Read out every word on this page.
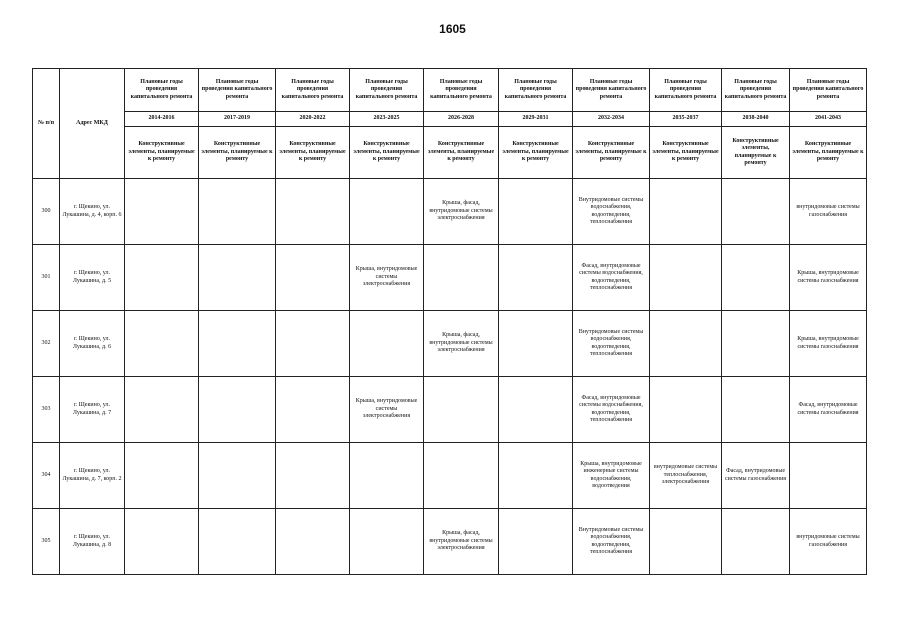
1605
№ п/п	Адрес МКД	Плановые годы проведения капитального ремонта	Плановые годы проведения капитального ремонта	Плановые годы проведения капитального ремонта	Плановые годы проведения капитального ремонта	Плановые годы проведения капитального ремонта	Плановые годы проведения капитального ремонта	Плановые годы проведения капитального ремонта	Плановые годы проведения капитального ремонта	Плановые годы проведения капитального ремонта	Плановые годы проведения капитального ремонта
		2014-2016	2017-2019	2020-2022	2023-2025	2026-2028	2029-2031	2032-2034	2035-2037	2038-2040	2041-2043
		Конструктивные элементы, планируемые к ремонту	Конструктивные элементы, планируемые к ремонту	Конструктивные элементы, планируемые к ремонту	Конструктивные элементы, планируемые к ремонту	Конструктивные элементы, планируемые к ремонту	Конструктивные элементы, планируемые к ремонту	Конструктивные элементы, планируемые к ремонту	Конструктивные элементы, планируемые к ремонту	Конструктивные элементы, планируемые к ремонту	Конструктивные элементы, планируемые к ремонту
300	г. Щекино, ул. Лукашина, д. 4, корп. 6					Крыша, фасад, внутридомовые системы электроснабжения		Внутридомовые системы водоснабжения, водоотведения, теплоснабжения			внутридомовые системы газоснабжения
301	г. Щекино, ул. Лукашина, д. 5				Крыша, внутридомовые системы электроснабжения			Фасад, внутридомовые системы водоснабжения, водоотведения, теплоснабжения			Крыша, внутридомовые системы газоснабжения
302	г. Щекино, ул. Лукашина, д. 6					Крыша, фасад, внутридомовые системы электроснабжения		Внутридомовые системы водоснабжения, водоотведения, теплоснабжения			Крыша, внутридомовые системы газоснабжения
303	г. Щекино, ул. Лукашина, д. 7				Крыша, внутридомовые системы электроснабжения			Фасад, внутридомовые системы водоснабжения, водоотведения, теплоснабжения			Фасад, внутридомовые системы газоснабжения
304	г. Щекино, ул. Лукашина, д. 7, корп. 2							Крыша, внутридомовые инженерные системы водоснабжения, водоотведения	внутридомовые системы теплоснабжения, электроснабжения	Фасад, внутридомовые системы газоснабжения	
305	г. Щекино, ул. Лукашина, д. 8					Крыша, фасад, внутридомовые системы электроснабжения		Внутридомовые системы водоснабжения, водоотведения, теплоснабжения			внутридомовые системы газоснабжения
